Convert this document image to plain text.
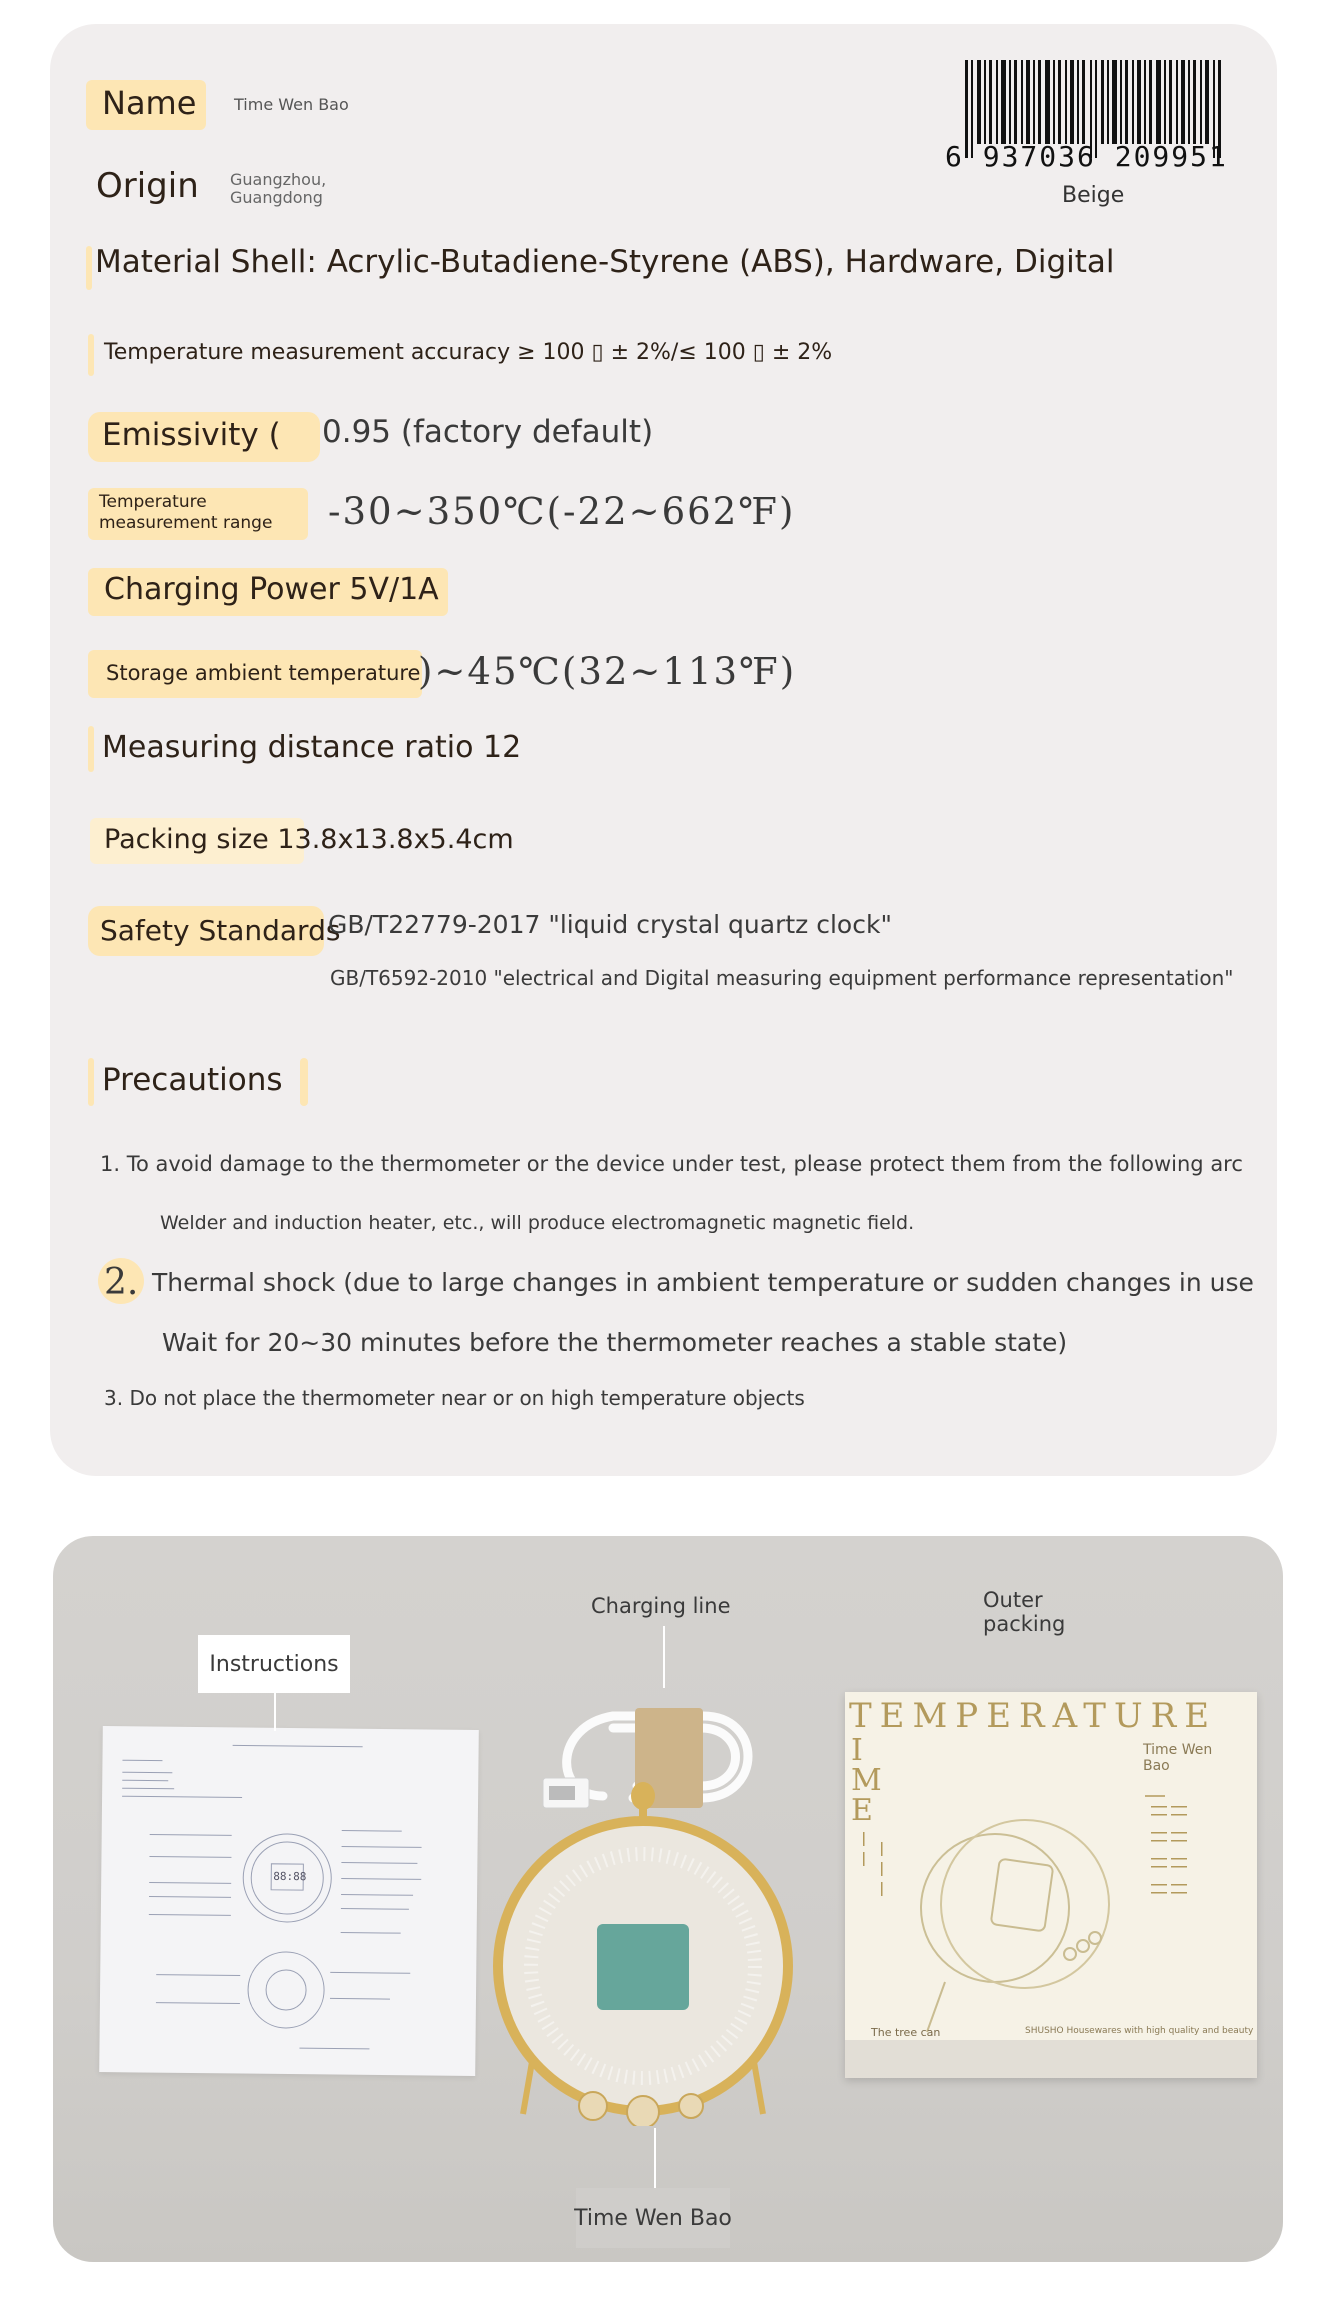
Name Time Wen Bao
Origin Guangzhou,
Guangdong
6 937036 209951
Beige
Material Shell: Acrylic-Butadiene-Styrene (ABS), Hardware, Digital
Temperature measurement accuracy ≥ 100 ▯ ± 2%/≤ 100 ▯ ± 2%
Emissivity ( 0.95 (factory default)
Temperature
measurement range -30~350℃(-22~662℉)
Charging Power 5V/1A
Storage ambient temperature
)~45℃(32~113℉)
Measuring distance ratio 12
Packing size 13.8x13.8x5.4cm
Safety Standards
GB/T22779-2017 "liquid crystal quartz clock"
GB/T6592-2010 "electrical and Digital measuring equipment performance representation"
Precautions
1. To avoid damage to the thermometer or the device under test, please protect them from the following arc
Welder and induction heater, etc., will produce electromagnetic magnetic field.
2. Thermal shock (due to large changes in ambient temperature or sudden changes in use
Wait for 20~30 minutes before the thermometer reaches a stable state)
3. Do not place the thermometer near or on high temperature objects
88:88
Instructions
Charging line
Time Wen Bao
TEMPERATURE
I M E
Time Wen
Bao
The tree can	SHUSHO Housewares with high quality and beauty
Outer
packing
